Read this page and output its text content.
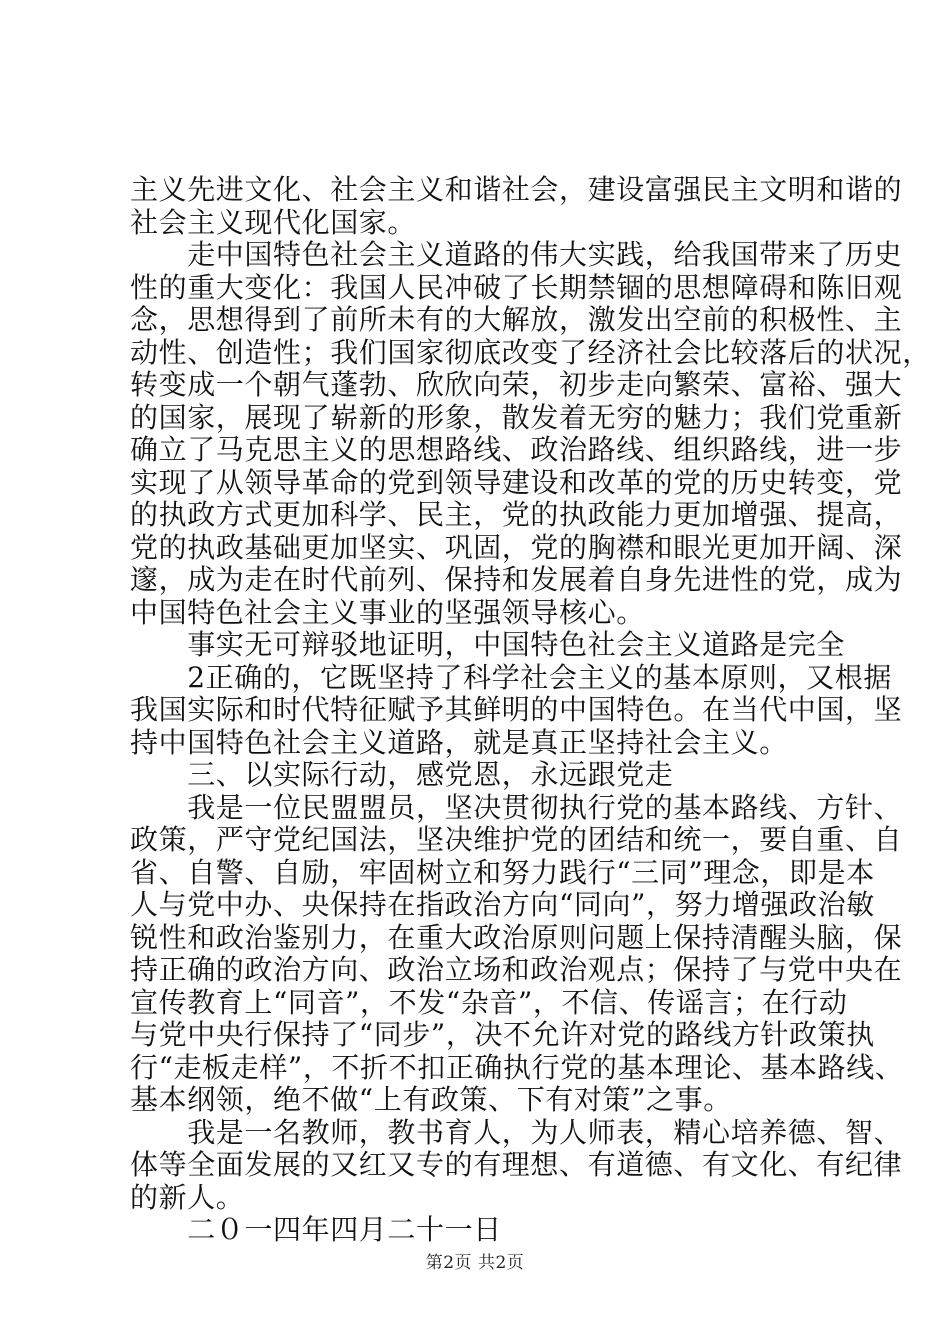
主义先进文化、社会主义和谐社会，建设富强民主文明和谐的
社会主义现代化国家。
　　走中国特色社会主义道路的伟大实践，给我国带来了历史
性的重大变化：我国人民冲破了长期禁锢的思想障碍和陈旧观
念，思想得到了前所未有的大解放，激发出空前的积极性、主
动性、创造性；我们国家彻底改变了经济社会比较落后的状况，
转变成一个朝气蓬勃、欣欣向荣，初步走向繁荣、富裕、强大
的国家，展现了崭新的形象，散发着无穷的魅力；我们党重新
确立了马克思主义的思想路线、政治路线、组织路线，进一步
实现了从领导革命的党到领导建设和改革的党的历史转变，党
的执政方式更加科学、民主，党的执政能力更加增强、提高，
党的执政基础更加坚实、巩固，党的胸襟和眼光更加开阔、深
邃，成为走在时代前列、保持和发展着自身先进性的党，成为
中国特色社会主义事业的坚强领导核心。
　　事实无可辩驳地证明，中国特色社会主义道路是完全
　　2正确的，它既坚持了科学社会主义的基本原则，又根据
我国实际和时代特征赋予其鲜明的中国特色。在当代中国，坚
持中国特色社会主义道路，就是真正坚持社会主义。
　　三、以实际行动，感党恩，永远跟党走
　　我是一位民盟盟员，坚决贯彻执行党的基本路线、方针、
政策，严守党纪国法，坚决维护党的团结和统一，要自重、自
省、自警、自励，牢固树立和努力践行“三同”理念，即是本
人与党中办、央保持在指政治方向“同向”，努力增强政治敏
锐性和政治鉴别力，在重大政治原则问题上保持清醒头脑，保
持正确的政治方向、政治立场和政治观点；保持了与党中央在
宣传教育上“同音”，不发“杂音”，不信、传谣言；在行动
与党中央行保持了“同步”，决不允许对党的路线方针政策执
行“走板走样”，不折不扣正确执行党的基本理论、基本路线、
基本纲领，绝不做“上有政策、下有对策”之事。
　　我是一名教师，教书育人，为人师表，精心培养德、智、
体等全面发展的又红又专的有理想、有道德、有文化、有纪律
的新人。
　　二０一四年四月二十一日
第2页 共2页
